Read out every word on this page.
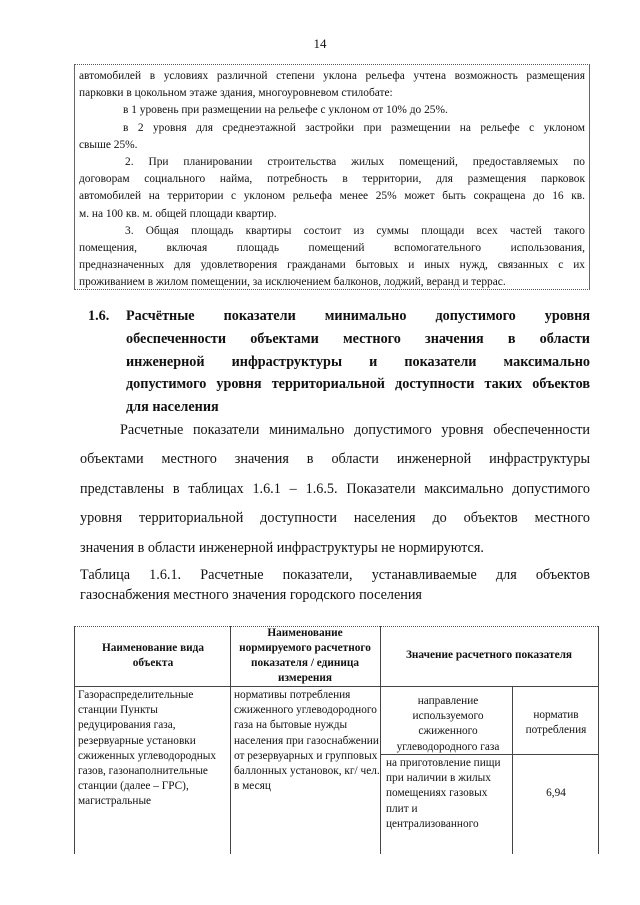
14
автомобилей в условиях различной степени уклона рельефа учтена возможность размещения
парковки в цокольном этаже здания, многоуровневом стилобате:
в 1 уровень при размещении на рельефе с уклоном от 10% до 25%.
в 2 уровня для среднеэтажной застройки при размещении на рельефе с уклоном
свыше 25%.
2. При планировании строительства жилых помещений, предоставляемых по
договорам социального найма, потребность в территории, для размещения парковок
автомобилей на территории с уклоном рельефа менее 25% может быть сокращена до 16 кв.
м. на 100 кв. м. общей площади квартир.
3. Общая площадь квартиры состоит из суммы площади всех частей такого
помещения, включая площадь помещений вспомогательного использования,
предназначенных для удовлетворения гражданами бытовых и иных нужд, связанных с их
проживанием в жилом помещении, за исключением балконов, лоджий, веранд и террас.
1.6.	Расчётные показатели минимально допустимого уровня
обеспеченности объектами местного значения в области
инженерной инфраструктуры и показатели максимально
допустимого уровня территориальной доступности таких объектов
для населения
Расчетные показатели минимально допустимого уровня обеспеченности
объектами местного значения в области инженерной инфраструктуры
представлены в таблицах 1.6.1 – 1.6.5. Показатели максимально допустимого
уровня территориальной доступности населения до объектов местного
значения в области инженерной инфраструктуры не нормируются.
Таблица 1.6.1. Расчетные показатели, устанавливаемые для объектов
газоснабжения местного значения городского поселения
Наименование вида объекта
Наименование нормируемого расчетного показателя / единица измерения
Значение расчетного показателя
Газораспределительные станции Пункты редуцирования газа, резервуарные установки сжиженных углеводородных газов, газонаполнительные станции (далее – ГРС), магистральные
нормативы потребления сжиженного углеводородного газа на бытовые нужды населения при газоснабжении от резервуарных и групповых баллонных установок, кг/ чел. в месяц
направление используемого сжиженного углеводородного газа
норматив потребления
на приготовление пищи при наличии в жилых помещениях газовых плит и централизованного
6,94
